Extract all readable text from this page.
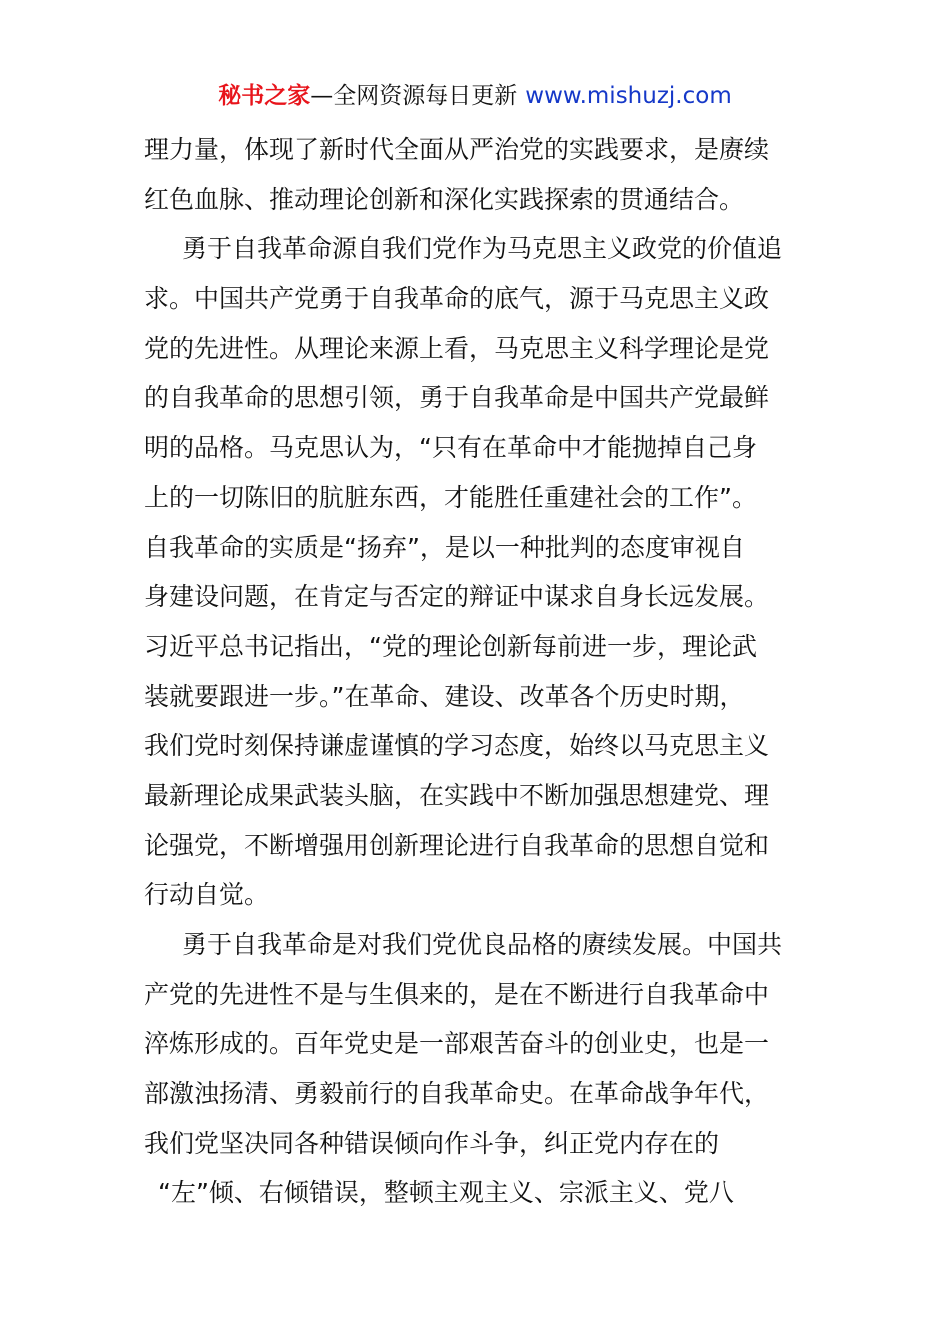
秘书之家—全网资源每日更新 www.mishuzj.com
理力量，体现了新时代全面从严治党的实践要求，是赓续
红色血脉、推动理论创新和深化实践探索的贯通结合。
勇于自我革命源自我们党作为马克思主义政党的价值追
求。中国共产党勇于自我革命的底气，源于马克思主义政
党的先进性。从理论来源上看，马克思主义科学理论是党
的自我革命的思想引领，勇于自我革命是中国共产党最鲜
明的品格。马克思认为，“只有在革命中才能抛掉自己身
上的一切陈旧的肮脏东西，才能胜任重建社会的工作”。
自我革命的实质是“扬弃”，是以一种批判的态度审视自
身建设问题，在肯定与否定的辩证中谋求自身长远发展。
习近平总书记指出，“党的理论创新每前进一步，理论武
装就要跟进一步。”在革命、建设、改革各个历史时期，
我们党时刻保持谦虚谨慎的学习态度，始终以马克思主义
最新理论成果武装头脑，在实践中不断加强思想建党、理
论强党，不断增强用创新理论进行自我革命的思想自觉和
行动自觉。
勇于自我革命是对我们党优良品格的赓续发展。中国共
产党的先进性不是与生俱来的，是在不断进行自我革命中
淬炼形成的。百年党史是一部艰苦奋斗的创业史，也是一
部激浊扬清、勇毅前行的自我革命史。在革命战争年代，
我们党坚决同各种错误倾向作斗争，纠正党内存在的
“左”倾、右倾错误，整顿主观主义、宗派主义、党八
